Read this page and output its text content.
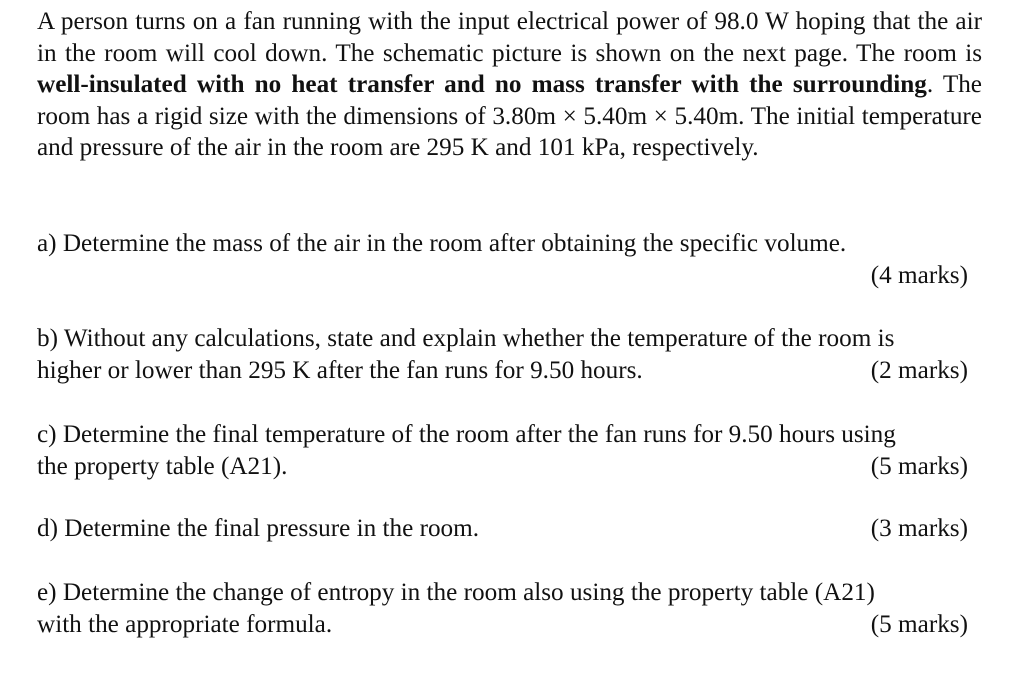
A person turns on a fan running with the input electrical power of 98.0 W hoping that the air in the room will cool down. The schematic picture is shown on the next page. The room is well-insulated with no heat transfer and no mass transfer with the surrounding. The room has a rigid size with the dimensions of 3.80m × 5.40m × 5.40m. The initial temperature and pressure of the air in the room are 295 K and 101 kPa, respectively.

a) Determine the mass of the air in the room after obtaining the specific volume.
(4 marks)
b) Without any calculations, state and explain whether the temperature of the room is
higher or lower than 295 K after the fan runs for 9.50 hours.	(2 marks)
c) Determine the final temperature of the room after the fan runs for 9.50 hours using
the property table (A21).	(5 marks)
d) Determine the final pressure in the room.	(3 marks)
e) Determine the change of entropy in the room also using the property table (A21)
with the appropriate formula.	(5 marks)
